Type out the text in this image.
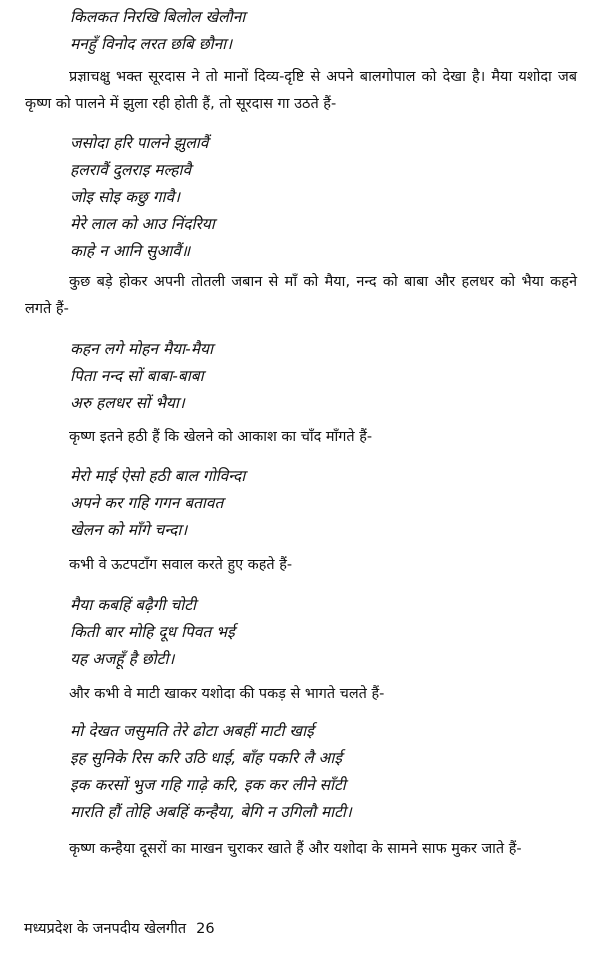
किलकत निरखि बिलोल खेलौना
मनहुँ विनोद लरत छबि छौना।
प्रज्ञाचक्षु भक्त सूरदास ने तो मानों दिव्य-दृष्टि से अपने बालगोपाल को देखा है। मैया यशोदा जब कृष्ण को पालने में झुला रही होती हैं, तो सूरदास गा उठते हैं-
जसोदा हरि पालने झुलावैं
हलरावैं दुलराइ मल्हावै
जोइ सोइ कछु गावै।
मेरे लाल को आउ निंदरिया
काहे न आनि सुआवैं॥
कुछ बड़े होकर अपनी तोतली जबान से माँ को मैया, नन्द को बाबा और हलधर को भैया कहने लगते हैं-
कहन लगे मोहन मैया-मैया
पिता नन्द सों बाबा-बाबा
अरु हलधर सों भैया।
कृष्ण इतने हठी हैं कि खेलने को आकाश का चाँद माँगते हैं-
मेरो माई ऐसो हठी बाल गोविन्दा
अपने कर गहि गगन बतावत
खेलन को माँगे चन्दा।
कभी वे ऊटपटाँग सवाल करते हुए कहते हैं-
मैया कबहिं बढ़ैगी चोटी
किती बार मोहि दूध पिवत भई
यह अजहूँ है छोटी।
और कभी वे माटी खाकर यशोदा की पकड़ से भागते चलते हैं-
मो देखत जसुमति तेरे ढोटा अबहीं माटी खाई
इह सुनिके रिस करि उठि धाई, बाँह पकरि लै आई
इक करसों भुज गहि गाढ़े करि, इक कर लीने साँटी
मारति हौं तोहि अबहिं कन्हैया, बेगि न उगिलौ माटी।
कृष्ण कन्हैया दूसरों का माखन चुराकर खाते हैं और यशोदा के सामने साफ मुकर जाते हैं-
मध्यप्रदेश के जनपदीय खेलगीत 26
